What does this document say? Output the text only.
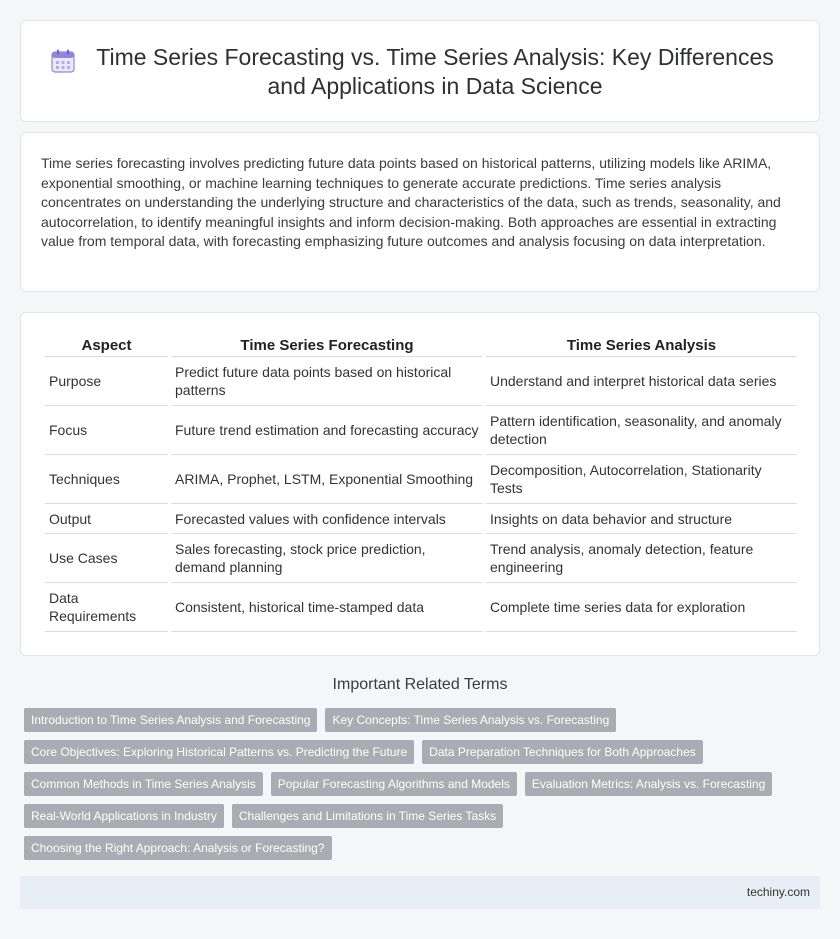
Time Series Forecasting vs. Time Series Analysis: Key Differences and Applications in Data Science

Time series forecasting involves predicting future data points based on historical patterns, utilizing models like ARIMA, exponential smoothing, or machine learning techniques to generate accurate predictions. Time series analysis concentrates on understanding the underlying structure and characteristics of the data, such as trends, seasonality, and autocorrelation, to identify meaningful insights and inform decision-making. Both approaches are essential in extracting value from temporal data, with forecasting emphasizing future outcomes and analysis focusing on data interpretation.

Aspect	Time Series Forecasting	Time Series Analysis
Purpose	Predict future data points based on historical patterns	Understand and interpret historical data series
Focus	Future trend estimation and forecasting accuracy	Pattern identification, seasonality, and anomaly detection
Techniques	ARIMA, Prophet, LSTM, Exponential Smoothing	Decomposition, Autocorrelation, Stationarity Tests
Output	Forecasted values with confidence intervals	Insights on data behavior and structure
Use Cases	Sales forecasting, stock price prediction, demand planning	Trend analysis, anomaly detection, feature engineering
Data Requirements	Consistent, historical time-stamped data	Complete time series data for exploration
Important Related Terms
Introduction to Time Series Analysis and Forecasting	Key Concepts: Time Series Analysis vs. Forecasting
Core Objectives: Exploring Historical Patterns vs. Predicting the Future	Data Preparation Techniques for Both Approaches
Common Methods in Time Series Analysis	Popular Forecasting Algorithms and Models	Evaluation Metrics: Analysis vs. Forecasting
Real-World Applications in Industry	Challenges and Limitations in Time Series Tasks
Choosing the Right Approach: Analysis or Forecasting?
techiny.com
